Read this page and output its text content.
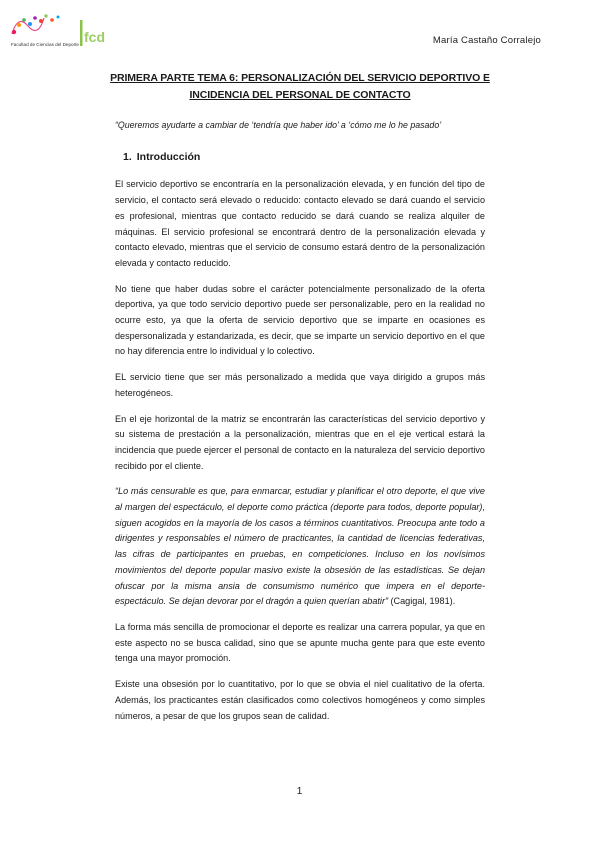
Facultad de Ciencias del Deporte fcd	María Castaño Corralejo
PRIMERA PARTE TEMA 6: PERSONALIZACIÓN DEL SERVICIO DEPORTIVO E
INCIDENCIA DEL PERSONAL DE CONTACTO
“Queremos ayudarte a cambiar de ‘tendría que haber ido’ a ‘cómo me lo he pasado’
1. Introducción

El servicio deportivo se encontraría en la personalización elevada, y en función del tipo de servicio, el contacto será elevado o reducido: contacto elevado se dará cuando el servicio es profesional, mientras que contacto reducido se dará cuando se realiza alquiler de máquinas. El servicio profesional se encontrará dentro de la personalización elevada y contacto elevado, mientras que el servicio de consumo estará dentro de la personalización elevada y contacto reducido.

No tiene que haber dudas sobre el carácter potencialmente personalizado de la oferta deportiva, ya que todo servicio deportivo puede ser personalizable, pero en la realidad no ocurre esto, ya que la oferta de servicio deportivo que se imparte en ocasiones es despersonalizada y estandarizada, es decir, que se imparte un servicio deportivo en el que no hay diferencia entre lo individual y lo colectivo.

EL servicio tiene que ser más personalizado a medida que vaya dirigido a grupos más heterogéneos.

En el eje horizontal de la matriz se encontrarán las características del servicio deportivo y su sistema de prestación a la personalización, mientras que en el eje vertical estará la incidencia que puede ejercer el personal de contacto en la naturaleza del servicio deportivo recibido por el cliente.

“Lo más censurable es que, para enmarcar, estudiar y planificar el otro deporte, el que vive al margen del espectáculo, el deporte como práctica (deporte para todos, deporte popular), siguen acogidos en la mayoría de los casos a términos cuantitativos. Preocupa ante todo a dirigentes y responsables el número de practicantes, la cantidad de licencias federativas, las cifras de participantes en pruebas, en competiciones. Incluso en los novísimos movimientos del deporte popular masivo existe la obsesión de las estadísticas. Se dejan ofuscar por la misma ansia de consumismo numérico que impera en el deporte-espectáculo. Se dejan devorar por el dragón a quien querían abatir” (Cagigal, 1981).

La forma más sencilla de promocionar el deporte es realizar una carrera popular, ya que en este aspecto no se busca calidad, sino que se apunte mucha gente para que este evento tenga una mayor promoción.

Existe una obsesión por lo cuantitativo, por lo que se obvia el niel cualitativo de la oferta. Además, los practicantes están clasificados como colectivos homogéneos y como simples números, a pesar de que los grupos sean de calidad.

1
